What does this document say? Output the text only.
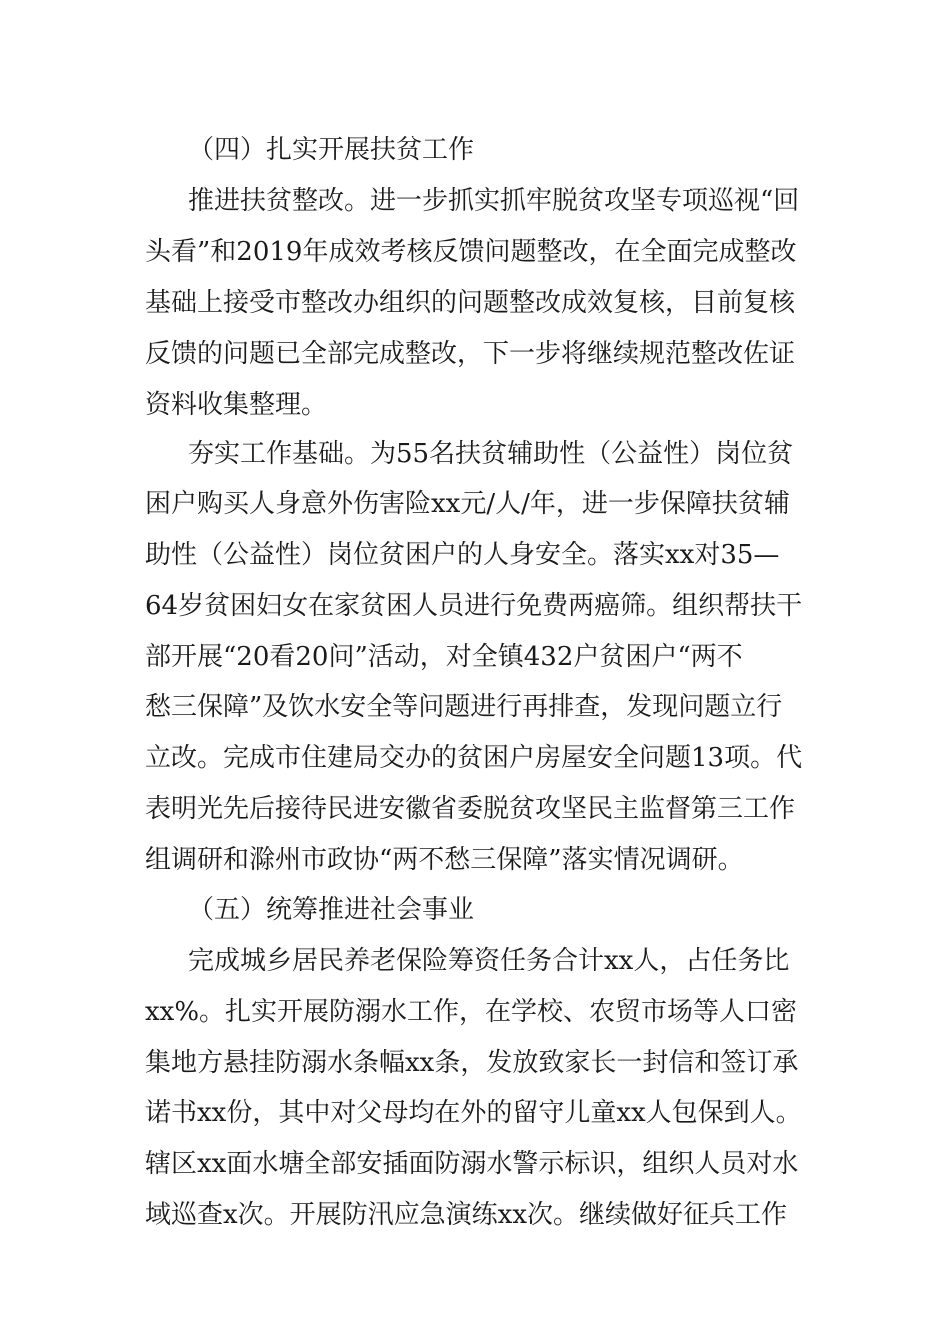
（四）扎实开展扶贫工作
推进扶贫整改。进一步抓实抓牢脱贫攻坚专项巡视“回
头看”和2019年成效考核反馈问题整改，在全面完成整改
基础上接受市整改办组织的问题整改成效复核，目前复核
反馈的问题已全部完成整改，下一步将继续规范整改佐证
资料收集整理。
夯实工作基础。为55名扶贫辅助性（公益性）岗位贫
困户购买人身意外伤害险xx元/人/年，进一步保障扶贫辅
助性（公益性）岗位贫困户的人身安全。落实xx对35—
64岁贫困妇女在家贫困人员进行免费两癌筛。组织帮扶干
部开展“20看20问”活动，对全镇432户贫困户“两不
愁三保障”及饮水安全等问题进行再排查，发现问题立行
立改。完成市住建局交办的贫困户房屋安全问题13项。代
表明光先后接待民进安徽省委脱贫攻坚民主监督第三工作
组调研和滁州市政协“两不愁三保障”落实情况调研。
（五）统筹推进社会事业
完成城乡居民养老保险筹资任务合计xx人，占任务比
xx%。扎实开展防溺水工作，在学校、农贸市场等人口密
集地方悬挂防溺水条幅xx条，发放致家长一封信和签订承
诺书xx份，其中对父母均在外的留守儿童xx人包保到人。
辖区xx面水塘全部安插面防溺水警示标识，组织人员对水
域巡查x次。开展防汛应急演练xx次。继续做好征兵工作
